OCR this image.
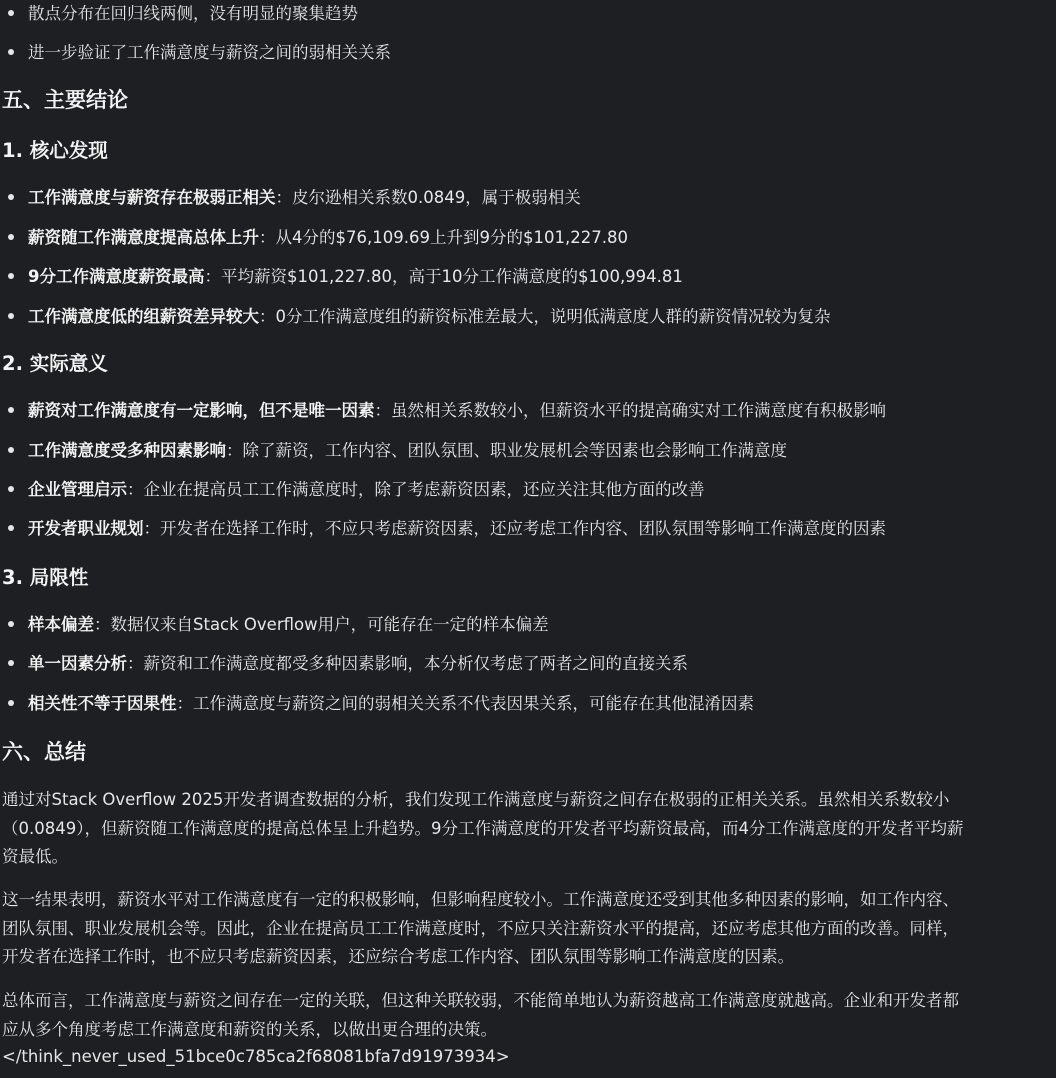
散点分布在回归线两侧，没有明显的聚集趋势
进一步验证了工作满意度与薪资之间的弱相关关系
五、主要结论
1. 核心发现
工作满意度与薪资存在极弱正相关：皮尔逊相关系数0.0849，属于极弱相关
薪资随工作满意度提高总体上升：从4分的$76,109.69上升到9分的$101,227.80
9分工作满意度薪资最高：平均薪资$101,227.80，高于10分工作满意度的$100,994.81
工作满意度低的组薪资差异较大：0分工作满意度组的薪资标准差最大，说明低满意度人群的薪资情况较为复杂
2. 实际意义
薪资对工作满意度有一定影响，但不是唯一因素：虽然相关系数较小，但薪资水平的提高确实对工作满意度有积极影响
工作满意度受多种因素影响：除了薪资，工作内容、团队氛围、职业发展机会等因素也会影响工作满意度
企业管理启示：企业在提高员工工作满意度时，除了考虑薪资因素，还应关注其他方面的改善
开发者职业规划：开发者在选择工作时，不应只考虑薪资因素，还应考虑工作内容、团队氛围等影响工作满意度的因素
3. 局限性
样本偏差：数据仅来自Stack Overflow用户，可能存在一定的样本偏差
单一因素分析：薪资和工作满意度都受多种因素影响，本分析仅考虑了两者之间的直接关系
相关性不等于因果性：工作满意度与薪资之间的弱相关关系不代表因果关系，可能存在其他混淆因素
六、总结

通过对Stack Overflow 2025开发者调查数据的分析，我们发现工作满意度与薪资之间存在极弱的正相关关系。虽然相关系数较小
（0.0849），但薪资随工作满意度的提高总体呈上升趋势。9分工作满意度的开发者平均薪资最高，而4分工作满意度的开发者平均薪
资最低。

这一结果表明，薪资水平对工作满意度有一定的积极影响，但影响程度较小。工作满意度还受到其他多种因素的影响，如工作内容、
团队氛围、职业发展机会等。因此，企业在提高员工工作满意度时，不应只关注薪资水平的提高，还应考虑其他方面的改善。同样，
开发者在选择工作时，也不应只考虑薪资因素，还应综合考虑工作内容、团队氛围等影响工作满意度的因素。

总体而言，工作满意度与薪资之间存在一定的关联，但这种关联较弱，不能简单地认为薪资越高工作满意度就越高。企业和开发者都
应从多个角度考虑工作满意度和薪资的关系，以做出更合理的决策。

</think_never_used_51bce0c785ca2f68081bfa7d91973934>
